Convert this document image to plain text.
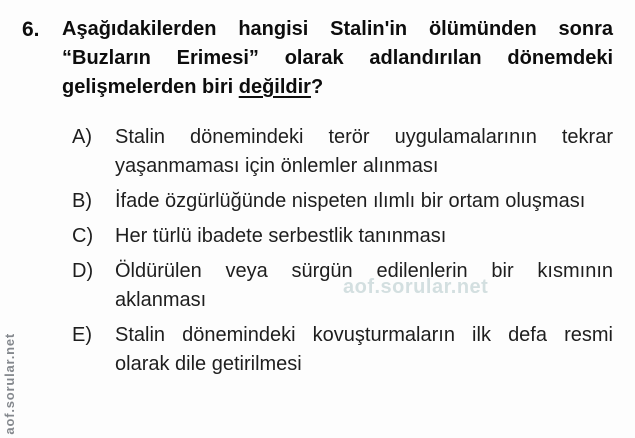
aof.sorular.net
aof.sorular.net
6.	Aşağıdakilerden hangisi Stalin'in ölümünden sonra “Buzların Erimesi” olarak adlandırılan dönemdeki gelişmelerden biri değildir?
A)	Stalin dönemindeki terör uygulamalarının tekrar yaşanmaması için önlemler alınması
B)	İfade özgürlüğünde nispeten ılımlı bir ortam oluşması
C)	Her türlü ibadete serbestlik tanınması
D)	Öldürülen veya sürgün edilenlerin bir kısmının aklanması
E)	Stalin dönemindeki kovuşturmaların ilk defa resmi olarak dile getirilmesi
